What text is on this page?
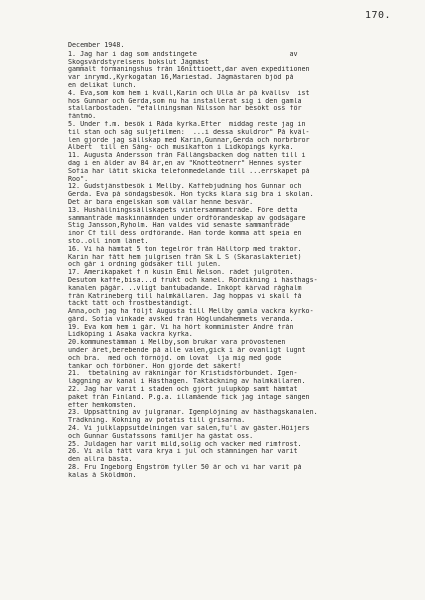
170.
December 1948.
1. Jag har i dag som andstingete                       av
Skogsvårdstyrelsens bokslut Jägmäst
gammalt förmaningshus från 16nittioett,dar aven expeditionen
var inrymd.,Kyrkogatan 16,Mariestad. Jägmästaren bjöd på
en delikat lunch.
4. Eva,som kom hem i kväll,Karin och Ulla år på kvällsv  ist
hos Gunnar och Gerda,som nu ha installerat sig i den gamla
stallarbostaden. "efallningsman Nilsson har besökt oss för
fäntmö.
5. Under f.m. besök i Råda kyrka.Efter  middag reste jag in
til stan och såg suljefilmen:  ...i dessa skuldror" På kväl-
len gjorde jag sällskap med Karin,Gunnar,Gerda och norbrbror
Albert  till en Sång- och musikafton i Lidköpings kyrka.
11. Augusta Andersson från Fällängsbacken dog natten till i
dag i en ålder av 84 år,en av "Knotteötnerr" Hennes syster
Sofia har låtit skicka telefonmedelande till ...errskapet på
Roo".
12. Gudstjänstbesök i Mellby. Kaffebjudning hos Gunnar och
Gerda. Eva på söndagsbesök. Hon tycks klara sig bra i skolan.
Det är bara engelskan som vållar henne besvär.
13. Hushållningssällskapets vintersammanträde. Före detta
sammanträde maskinnämnden under ordförandeskap av godsägare
Stig Jansson,Ryholm. Han valdes vid senaste sammanträde
inor Cf till dess ordförande. Han torde komma att speia en
sto..oll inom länet.
16. Vi hå hämtat 5 ton tegelrör från Hälltorp med traktor.
Karin har fått hem julgrisen från Sk L S (Skaraslakteriet)
och går i ordning godsaker till julen.
17. Amerikapaket f n kusin Emil Nelson. rädet julgröten.
Desutom kaffe,bisa...d frukt och kanel. Rördikning i hästhags-
kanalen pågår. ..vligt bantubadande. Inköpt kärvad råghalm
från Katrineberg till halmkällaren. Jag hoppas vi skall få
täckt tätt och frostbeständigt.
Anna,och jag ha följt Augusta till Mellby gamla vackra kyrko-
gård. Sofia vinkade avsked från Höglundahemmets veranda.
19. Eva kom hem i går. Vi ha hört kommimister André från
Lidköping i Åsaka vackra kyrka.
20.kommunestämman i Mellby,som brukar vara prövostenen
under året,berebende på alle valen,gick i år ovanligt lugnt
och bra.  med och förnöjd. om lovat  lja mig med gode
tankar och förböner. Hon gjorde det säkert!
21.  tbetalning av räkningar för Kristidsförbundet. Igen-
läggning av kanal i Hästhagen. Taktäckning av halmkällaren.
22. Jag har varit i staden och gjort julupköp samt hämtat
paket från Finland. P.g.a. illamående fick jag intage sängen
efter hemkomsten.
23. Uppsättning av julgranar. Igenplöjning av hästhagskanalen.
Trädkning. Kokning av potatis till grisarna.
24. Vi julklappsutdelningen var salen,fu'l av gäster.Höijers
och Gunnar Gustafssons familjer ha gästat oss.
25. Juldagen har varit mild,solig och vacker med rimfrost.
26. Vi alla fått vara krya i jul och stämningen har varit
den allra bästa.
28. Fru Ingeborg Engström fyller 50 år och vi har varit på
kalas å Sköldmön.
